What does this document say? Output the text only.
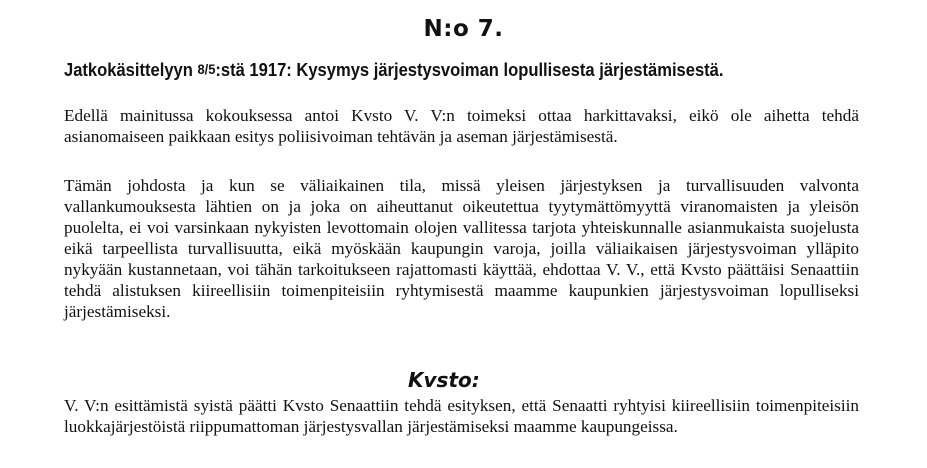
N:o 7.
Jatkokäsittelyyn 8/5:stä 1917: Kysymys järjestysvoiman lopullisesta järjestämisestä.

Edellä mainitussa kokouksessa antoi Kvsto V. V:n toimeksi ottaa harkittavaksi, eikö ole aihetta tehdä asianomaiseen paikkaan esitys poliisivoiman tehtävän ja aseman järjestämisestä.

Tämän johdosta ja kun se väliaikainen tila, missä yleisen järjestyksen ja turvallisuuden valvonta vallankumouksesta lähtien on ja joka on aiheuttanut oikeutettua tyytymättömyyttä viranomaisten ja yleisön puolelta, ei voi varsinkaan nykyisten levottomain olojen vallitessa tarjota yhteiskunnalle asianmukaista suojelusta eikä tarpeellista turvallisuutta, eikä myöskään kaupungin varoja, joilla väliaikaisen järjestysvoiman ylläpito nykyään kustannetaan, voi tähän tarkoitukseen rajattomasti käyttää, ehdottaa V. V., että Kvsto päättäisi Senaattiin tehdä alistuksen kiireellisiin toimenpiteisiin ryhtymisestä maamme kaupunkien järjestysvoiman lopulliseksi järjestämiseksi.

Kvsto:

V. V:n esittämistä syistä päätti Kvsto Senaattiin tehdä esityksen, että Senaatti ryhtyisi kiireellisiin toimenpiteisiin luokkajärjestöistä riippumattoman järjestysvallan järjestämiseksi maamme kaupungeissa.
